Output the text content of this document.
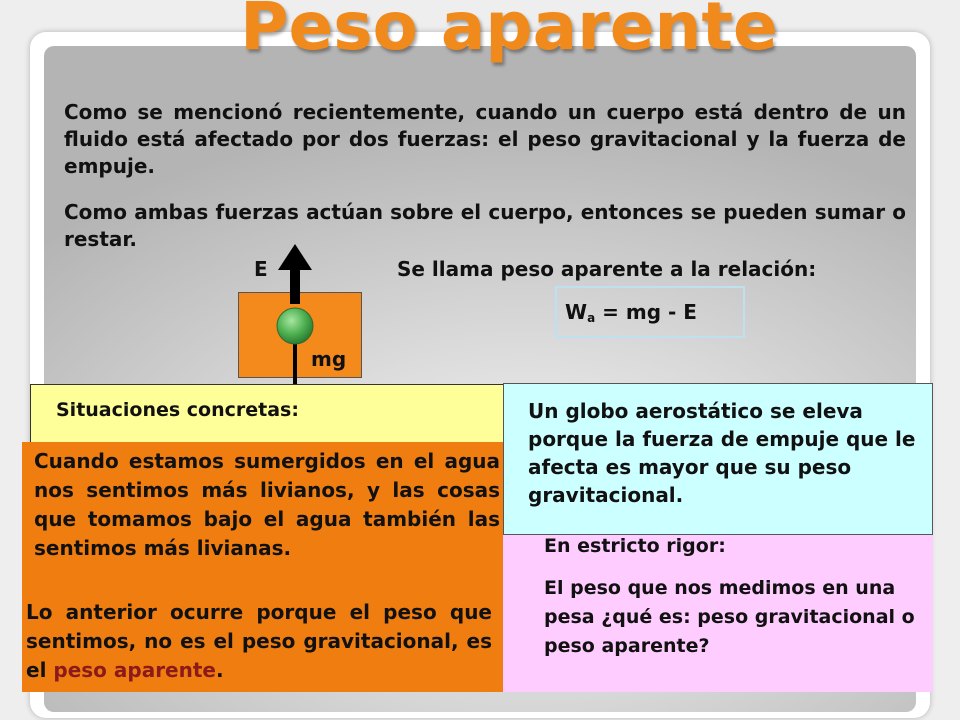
Peso aparente

Como se mencionó recientemente, cuando un cuerpo está dentro de un fluido está afectado por dos fuerzas: el peso gravitacional y la fuerza de empuje.

Como ambas fuerzas actúan sobre el cuerpo, entonces se pueden sumar o restar.

E
mg
Se llama peso aparente a la relación:
$W_a$ = mg - E
Situaciones concretas:

Cuando estamos sumergidos en el agua nos sentimos más livianos, y las cosas que tomamos bajo el agua también las sentimos más livianas.

Lo anterior ocurre porque el peso que sentimos, no es el peso gravitacional, es el peso aparente.

En estricto rigor:

El peso que nos medimos en una pesa ¿qué es: peso gravitacional o peso aparente?

Un globo aerostático se eleva porque la fuerza de empuje que le afecta es mayor que su peso gravitacional.
